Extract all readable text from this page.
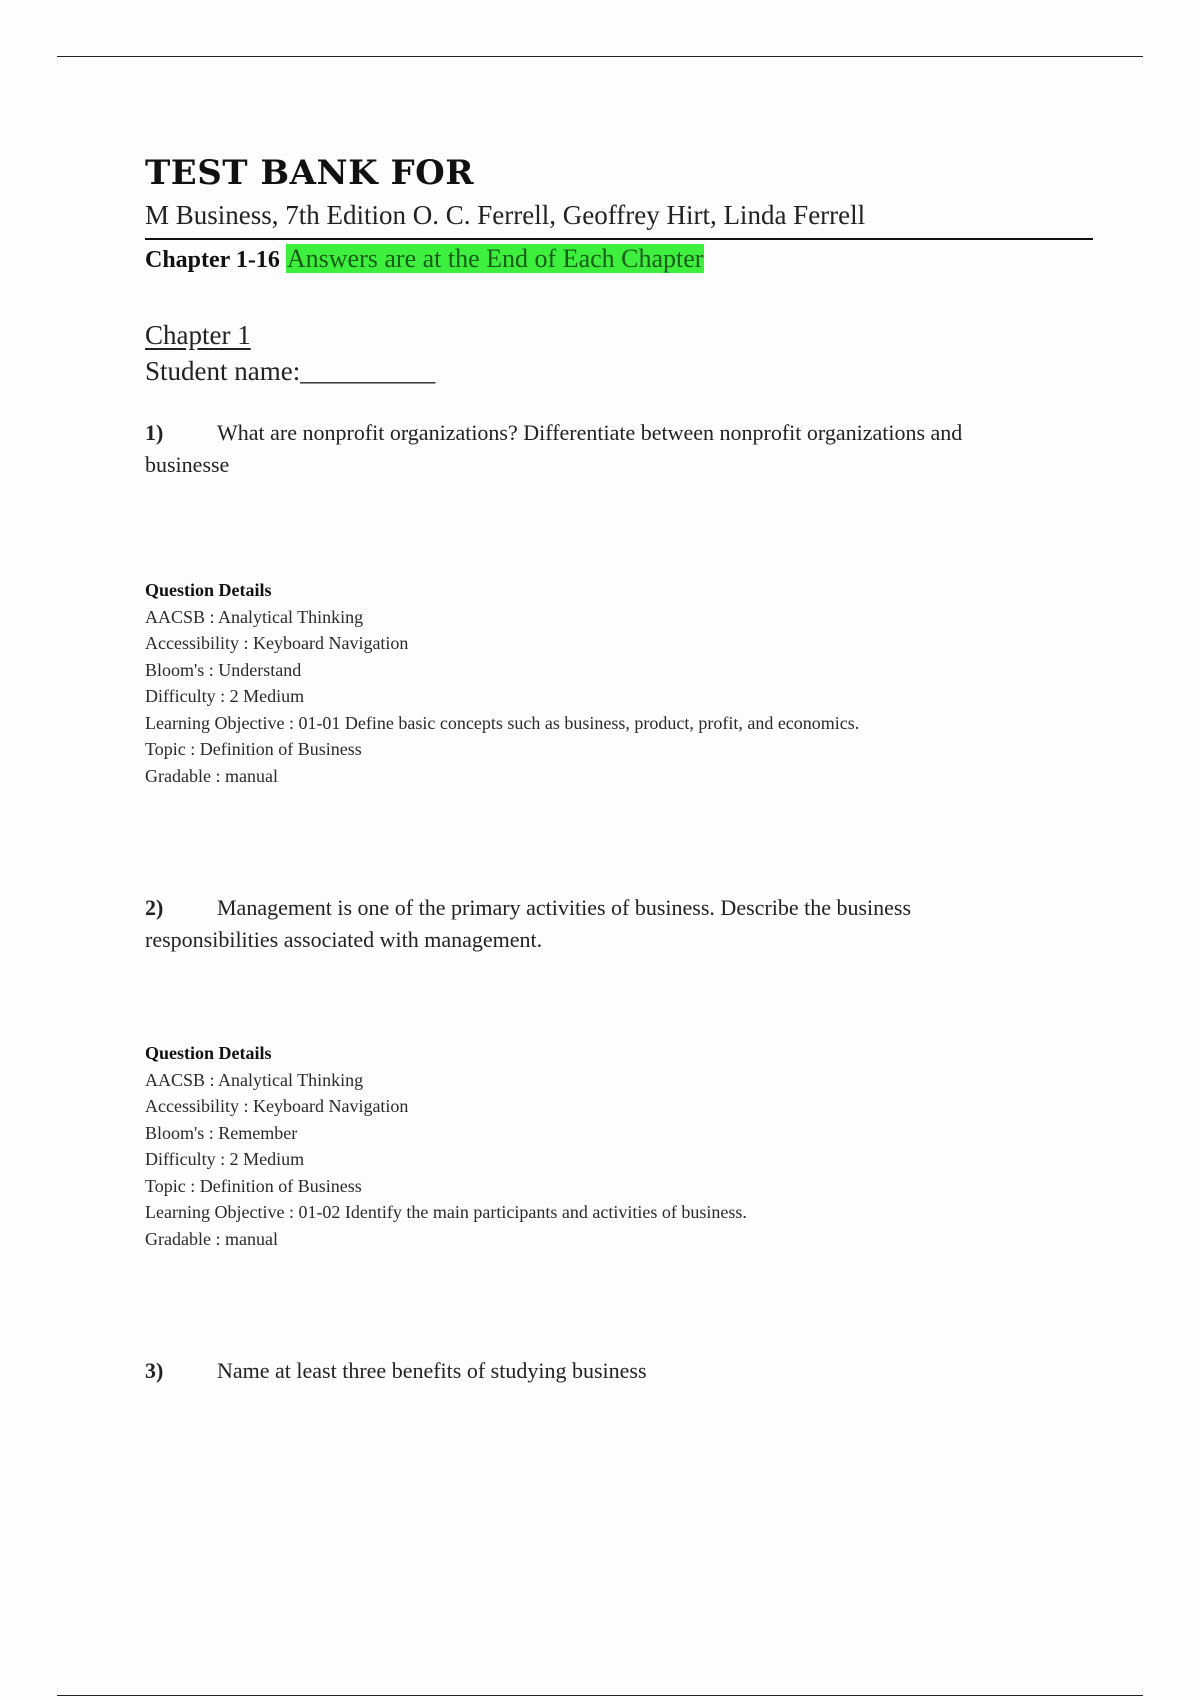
TEST BANK FOR

M Business, 7th Edition O. C. Ferrell, Geoffrey Hirt, Linda Ferrell

Chapter 1-16 Answers are at the End of Each Chapter
Chapter 1
Student name:__________
1) What are nonprofit organizations? Differentiate between nonprofit organizations and
businesse
Question Details
AACSB : Analytical Thinking
Accessibility : Keyboard Navigation
Bloom's : Understand
Difficulty : 2 Medium
Learning Objective : 01-01 Define basic concepts such as business, product, profit, and economics.
Topic : Definition of Business
Gradable : manual
2) Management is one of the primary activities of business. Describe the business
responsibilities associated with management.
Question Details
AACSB : Analytical Thinking
Accessibility : Keyboard Navigation
Bloom's : Remember
Difficulty : 2 Medium
Topic : Definition of Business
Learning Objective : 01-02 Identify the main participants and activities of business.
Gradable : manual
3) Name at least three benefits of studying business
